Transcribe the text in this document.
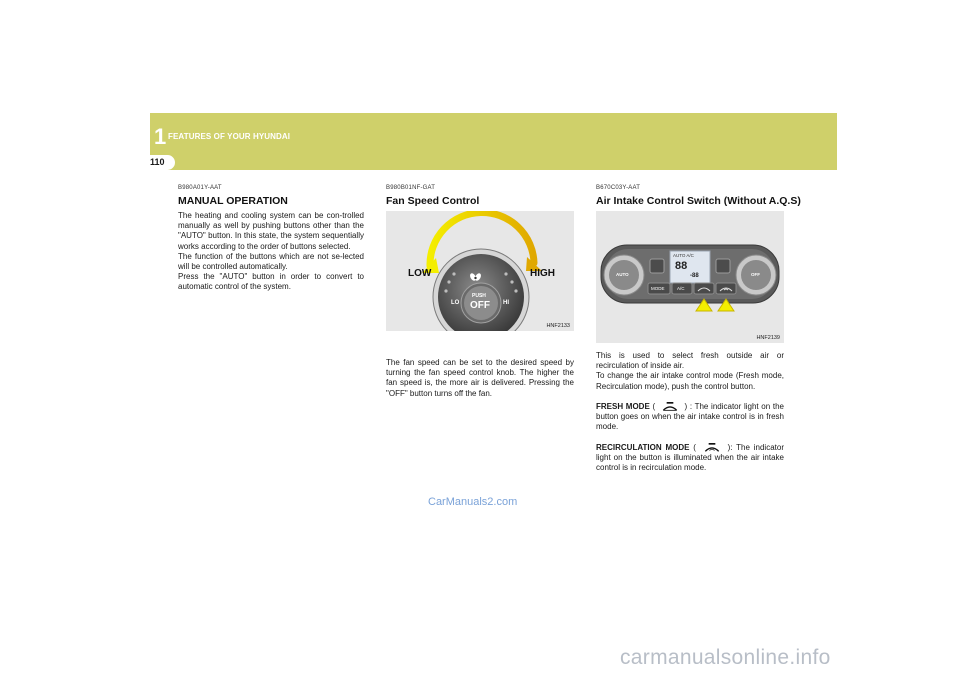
1 FEATURES OF YOUR HYUNDAI
110

B980A01Y-AAT

MANUAL OPERATION

The heating and cooling system can be con-trolled manually as well by pushing buttons other than the "AUTO" button. In this state, the system sequentially works according to the order of buttons selected.
The function of the buttons which are not se-lected will be controlled automatically.
Press the "AUTO" button in order to convert to automatic control of the system.

B980B01NF-GAT

Fan Speed Control

LOW	HIGH
LO	HI
PUSH
OFF
HNF2133

The fan speed can be set to the desired speed by turning the fan speed control knob. The higher the fan speed is, the more air is delivered. Pressing the "OFF" button turns off the fan.

B670C03Y-AAT

Air Intake Control Switch (Without A.Q.S)

AUTO A/C
88
-88
AUTO	OFF
MODE	A/C
HNF2139

This is used to select fresh outside air or recirculation of inside air.
To change the air intake control mode (Fresh mode, Recirculation mode), push the control button.

FRESH MODE (	) : The indicator light on the button goes on when the air intake control is in fresh mode.

RECIRCULATION MODE (	): The indicator light on the button is illuminated when the air intake control is in recirculation mode.

CarManuals2.com
carmanualsonline.info
